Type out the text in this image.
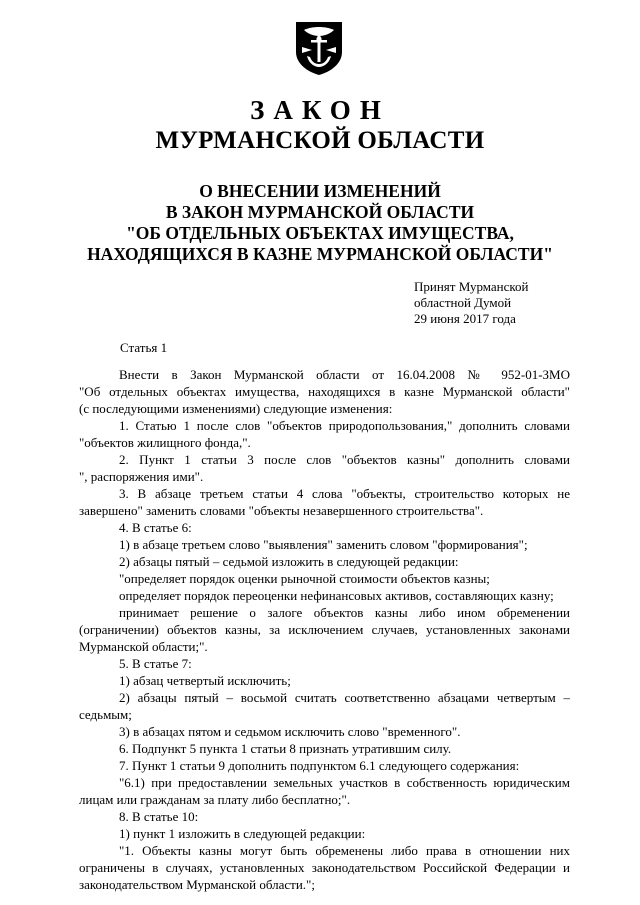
ЗАКОН
МУРМАНСКОЙ ОБЛАСТИ
О ВНЕСЕНИИ ИЗМЕНЕНИЙ
В ЗАКОН МУРМАНСКОЙ ОБЛАСТИ
"ОБ ОТДЕЛЬНЫХ ОБЪЕКТАХ ИМУЩЕСТВА,
НАХОДЯЩИХСЯ В КАЗНЕ МУРМАНСКОЙ ОБЛАСТИ"
Принят Мурманской
областной Думой
29 июня 2017 года
Статья 1

Внести в Закон Мурманской области от 16.04.2008 № 952-01-ЗМО

"Об отдельных объектах имущества, находящихся в казне Мурманской области"

(с последующими изменениями) следующие изменения:

1. Статью 1 после слов "объектов природопользования," дополнить словами

"объектов жилищного фонда,".

2. Пункт 1 статьи 3 после слов "объектов казны" дополнить словами

", распоряжения ими".

3. В абзаце третьем статьи 4 слова "объекты, строительство которых не

завершено" заменить словами "объекты незавершенного строительства".

4. В статье 6:

1) в абзаце третьем слово "выявления" заменить словом "формирования";

2) абзацы пятый – седьмой изложить в следующей редакции:

"определяет порядок оценки рыночной стоимости объектов казны;

определяет порядок переоценки нефинансовых активов, составляющих казну;

принимает решение о залоге объектов казны либо ином обременении

(ограничении) объектов казны, за исключением случаев, установленных законами

Мурманской области;".

5. В статье 7:

1) абзац четвертый исключить;

2) абзацы пятый – восьмой считать соответственно абзацами четвертым –

седьмым;

3) в абзацах пятом и седьмом исключить слово "временного".

6. Подпункт 5 пункта 1 статьи 8 признать утратившим силу.

7. Пункт 1 статьи 9 дополнить подпунктом 6.1 следующего содержания:

"6.1) при предоставлении земельных участков в собственность юридическим

лицам или гражданам за плату либо бесплатно;".

8. В статье 10:

1) пункт 1 изложить в следующей редакции:

"1. Объекты казны могут быть обременены либо права в отношении них

ограничены в случаях, установленных законодательством Российской Федерации и

законодательством Мурманской области.";
